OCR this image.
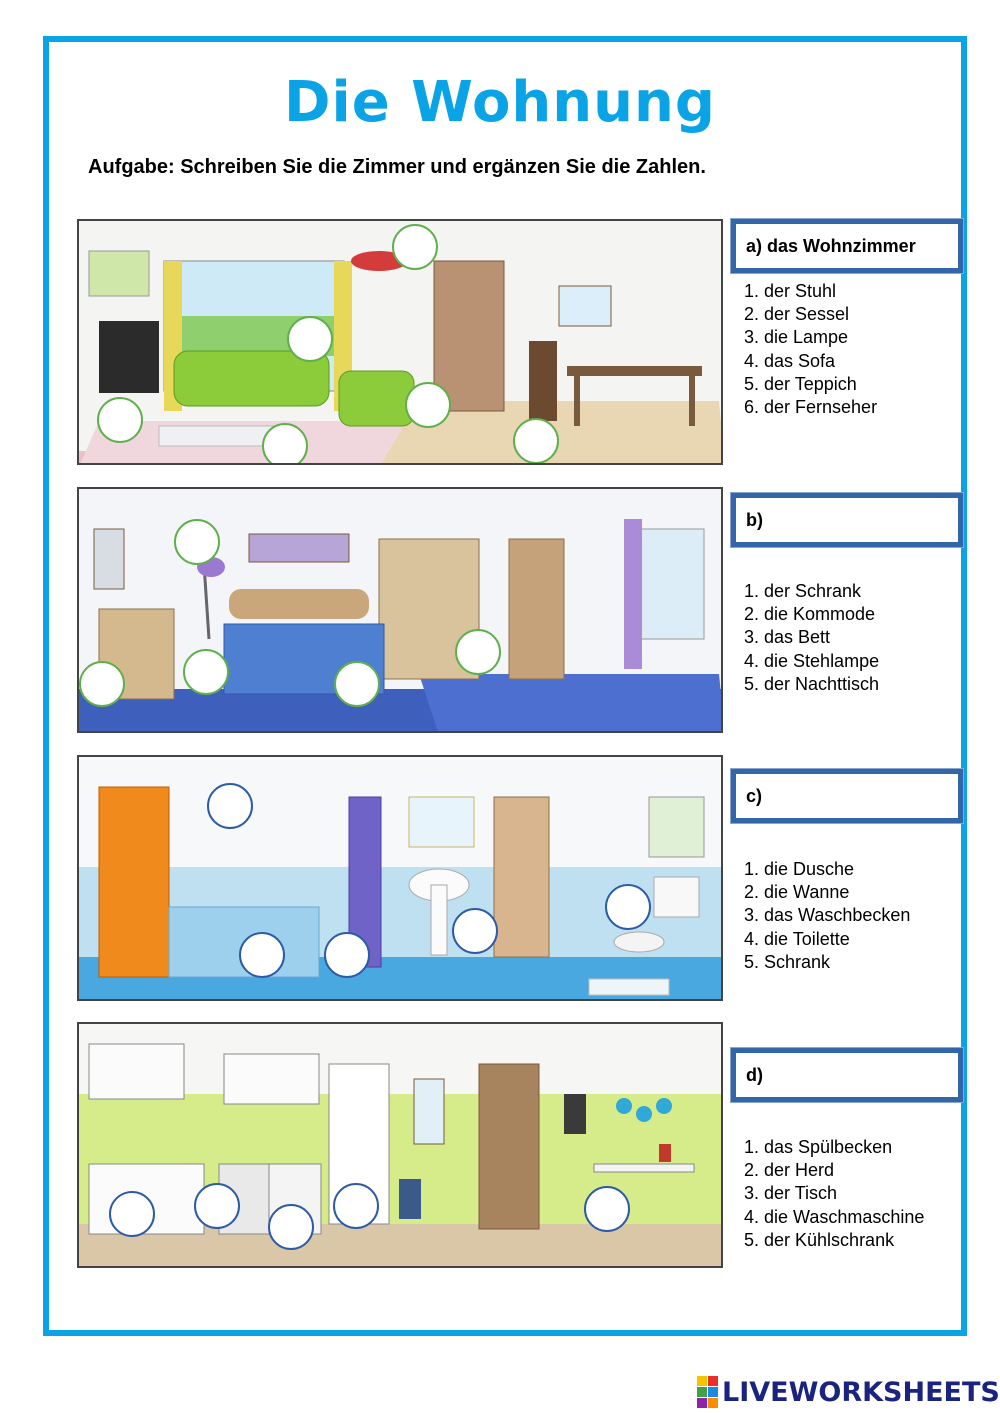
Die Wohnung
Aufgabe: Schreiben Sie die Zimmer und ergänzen Sie die Zahlen.
a) das Wohnzimmer
b)
c)
d)
1. der Stuhl
2. der Sessel
3. die Lampe
4. das Sofa
5. der Teppich
6. der Fernseher
1. der Schrank
2. die Kommode
3. das Bett
4. die Stehlampe
5. der Nachttisch
1. die Dusche
2. die Wanne
3. das Waschbecken
4. die Toilette
5. Schrank
1. das Spülbecken
2. der Herd
3. der Tisch
4. die Waschmaschine
5. der Kühlschrank
LIVEWORKSHEETS
